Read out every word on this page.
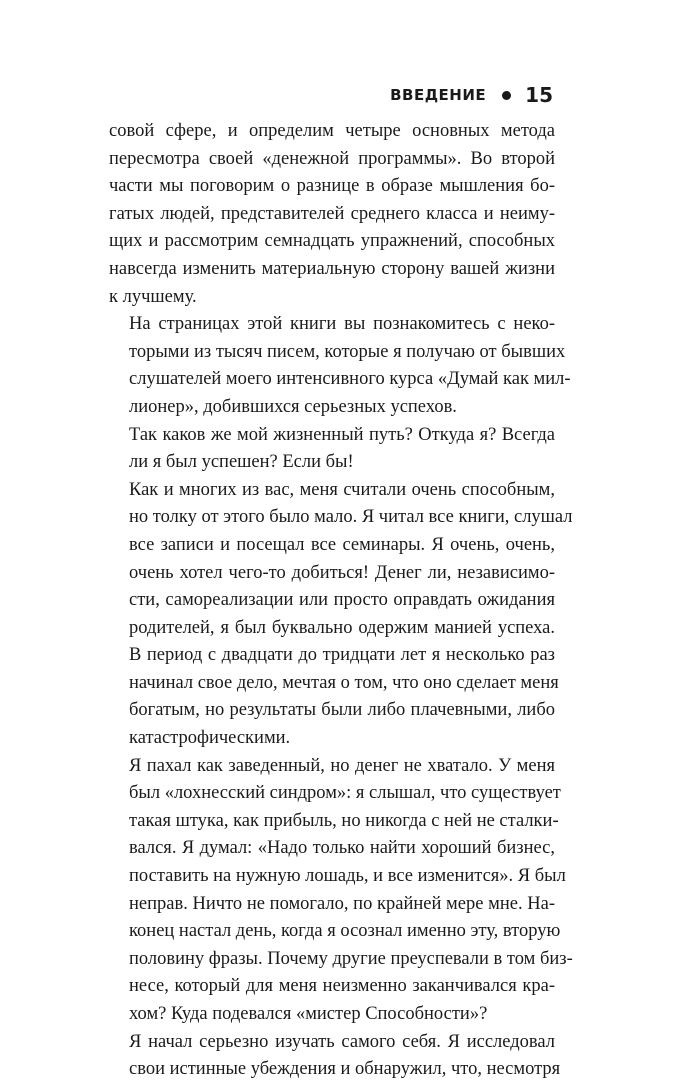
ВВЕДЕНИЕ 15

совой сфере, и определим четыре основных метода
пересмотра своей «денежной программы». Во второй
части мы поговорим о разнице в образе мышления бо-
гатых людей, представителей среднего класса и неиму-
щих и рассмотрим семнадцать упражнений, способных
навсегда изменить материальную сторону вашей жизни
к лучшему.

На страницах этой книги вы познакомитесь с неко-
торыми из тысяч писем, которые я получаю от бывших
слушателей моего интенсивного курса «Думай как мил-
лионер», добившихся серьезных успехов.

Так каков же мой жизненный путь? Откуда я? Всегда
ли я был успешен? Если бы!

Как и многих из вас, меня считали очень способным,
но толку от этого было мало. Я читал все книги, слушал
все записи и посещал все семинары. Я очень, очень,
очень хотел чего-то добиться! Денег ли, независимо-
сти, самореализации или просто оправдать ожидания
родителей, я был буквально одержим манией успеха.
В период с двадцати до тридцати лет я несколько раз
начинал свое дело, мечтая о том, что оно сделает меня
богатым, но результаты были либо плачевными, либо
катастрофическими.

Я пахал как заведенный, но денег не хватало. У меня
был «лохнесский синдром»: я слышал, что существует
такая штука, как прибыль, но никогда с ней не сталки-
вался. Я думал: «Надо только найти хороший бизнес,
поставить на нужную лошадь, и все изменится». Я был
неправ. Ничто не помогало, по крайней мере мне. На-
конец настал день, когда я осознал именно эту, вторую
половину фразы. Почему другие преуспевали в том биз-
несе, который для меня неизменно заканчивался кра-
хом? Куда подевался «мистер Способности»?

Я начал серьезно изучать самого себя. Я исследовал
свои истинные убеждения и обнаружил, что, несмотря
